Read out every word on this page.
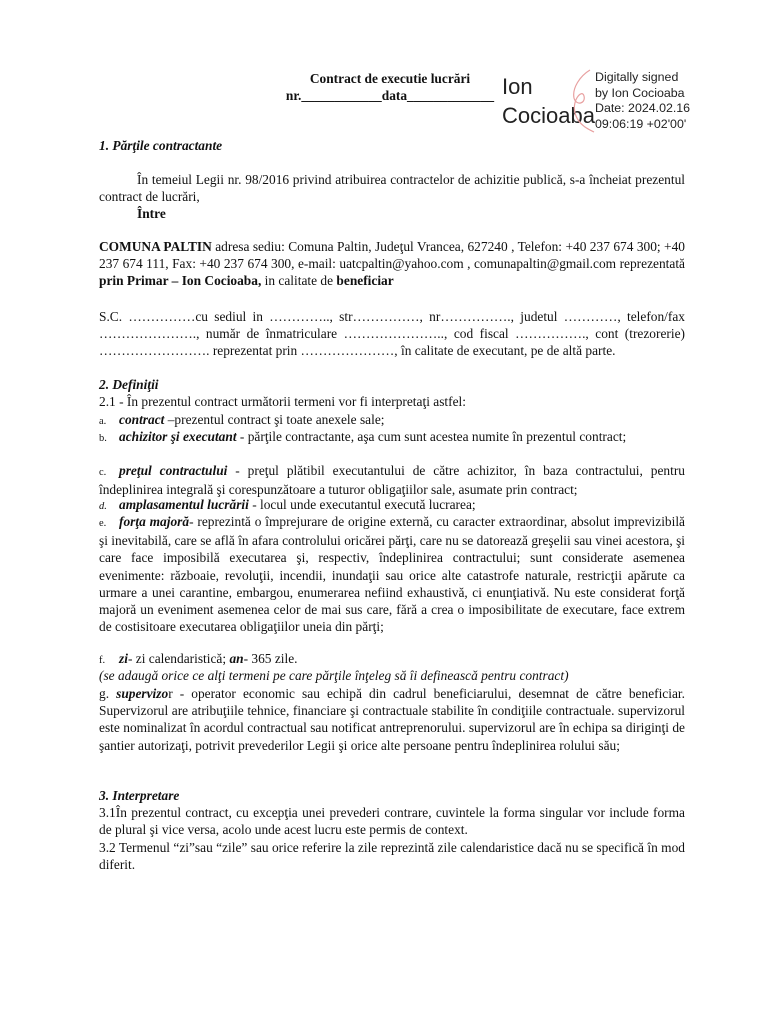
Contract de executie lucrări
nr.____________data_____________ Ion
Cocioaba
Digitally signed
by Ion Cocioaba
Date: 2024.02.16
09:06:19 +02'00'
1. Părţile contractante
În temeiul Legii nr. 98/2016 privind atribuirea contractelor de achizitie publică, s-a încheiat prezentul contract de lucrări,
Între
COMUNA PALTIN adresa sediu: Comuna Paltin, Judeţul Vrancea, 627240 , Telefon: +40 237 674 300; +40 237 674 111, Fax: +40 237 674 300, e-mail: uatcpaltin@yahoo.com , comunapaltin@gmail.com reprezentată prin Primar – Ion Cocioaba, in calitate de beneficiar
S.C. ……………cu sediul in ………….., str……………, nr……………., judetul …………, telefon/fax …………………., număr de înmatriculare ………………….., cod fiscal ……………., cont (trezorerie) ……………………. reprezentat prin …………………, în calitate de executant, pe de altă parte.
2. Definiţii
2.1 - În prezentul contract următorii termeni vor fi interpretaţi astfel:
a. contract –prezentul contract şi toate anexele sale;
b. achizitor şi executant - părţile contractante, aşa cum sunt acestea numite în prezentul contract;
c. preţul contractului - preţul plătibil executantului de către achizitor, în baza contractului, pentru îndeplinirea integrală şi corespunzătoare a tuturor obligaţiilor sale, asumate prin contract;
d. amplasamentul lucrării - locul unde executantul execută lucrarea;
e. forţa majoră- reprezintă o împrejurare de origine externă, cu caracter extraordinar, absolut imprevizibilă şi inevitabilă, care se află în afara controlului oricărei părţi, care nu se datorează greşelii sau vinei acestora, şi care face imposibilă executarea şi, respectiv, îndeplinirea contractului; sunt considerate asemenea evenimente: războaie, revoluţii, incendii, inundaţii sau orice alte catastrofe naturale, restricţii apărute ca urmare a unei carantine, embargou, enumerarea nefiind exhaustivă, ci enunţiativă. Nu este considerat forţă majoră un eveniment asemenea celor de mai sus care, fără a crea o imposibilitate de executare, face extrem de costisitoare executarea obligaţiilor uneia din părţi;
f. zi- zi calendaristică; an- 365 zile.
(se adaugă orice ce alţi termeni pe care părţile înţeleg să îi definească pentru contract)
g. supervizor - operator economic sau echipă din cadrul beneficiarului, desemnat de către beneficiar. Supervizorul are atribuţiile tehnice, financiare şi contractuale stabilite în condiţiile contractuale. supervizorul este nominalizat în acordul contractual sau notificat antreprenorului. supervizorul are în echipa sa diriginţi de şantier autorizaţi, potrivit prevederilor Legii şi orice alte persoane pentru îndeplinirea rolului său;
3. Interpretare
3.1În prezentul contract, cu excepţia unei prevederi contrare, cuvintele la forma singular vor include forma de plural şi vice versa, acolo unde acest lucru este permis de context.
3.2 Termenul “zi”sau “zile” sau orice referire la zile reprezintă zile calendaristice dacă nu se specifică în mod diferit.
